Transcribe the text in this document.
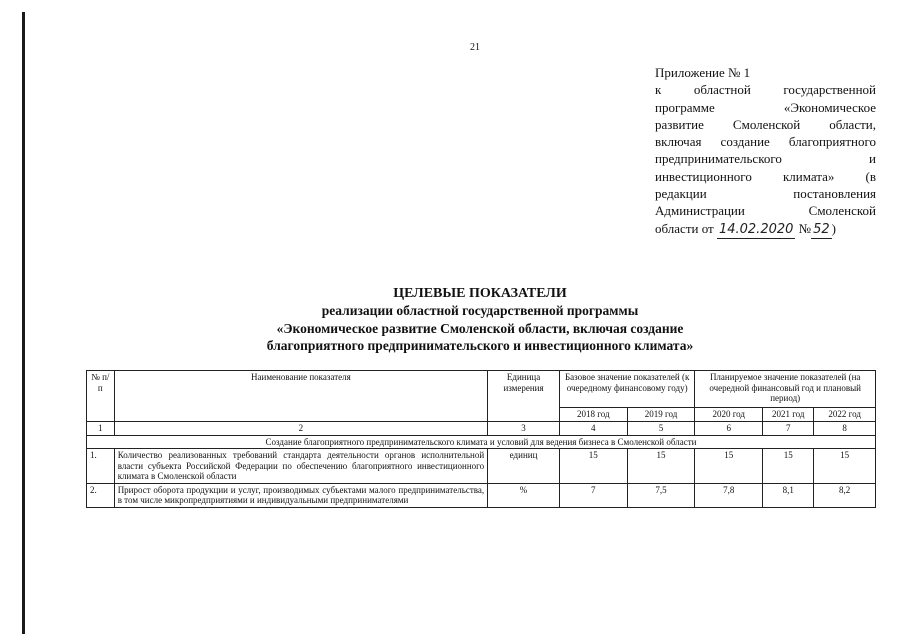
21
Приложение № 1
к областной государственной
программе «Экономическое
развитие Смоленской области,
включая создание благоприятного
предпринимательского и
инвестиционного климата» (в
редакции постановления
Администрации Смоленской
области от 14.02.2020 № 52 )
ЦЕЛЕВЫЕ ПОКАЗАТЕЛИ
реализации областной государственной программы
«Экономическое развитие Смоленской области, включая создание
благоприятного предпринимательского и инвестиционного климата»
№ п/п	Наименование показателя	Единица измерения	Базовое значение показателей (к очередному финансовому году)		Планируемое значение показателей (на очередной финансовый год и плановый период)		
			2018 год	2019 год	2020 год	2021 год	2022 год
1	2	3	4	5	6	7	8
Создание благоприятного предпринимательского климата и условий для ведения бизнеса в Смоленской области							
1.	Количество реализованных требований стандарта деятельности органов исполнительной власти субъекта Российской Федерации по обеспечению благоприятного инвестиционного климата в Смоленской области	единиц	15	15	15	15	15
2.	Прирост оборота продукции и услуг, производимых субъектами малого предпринимательства, в том числе микропредприятиями и индивидуальными предпринимателями	%	7	7,5	7,8	8,1	8,2
